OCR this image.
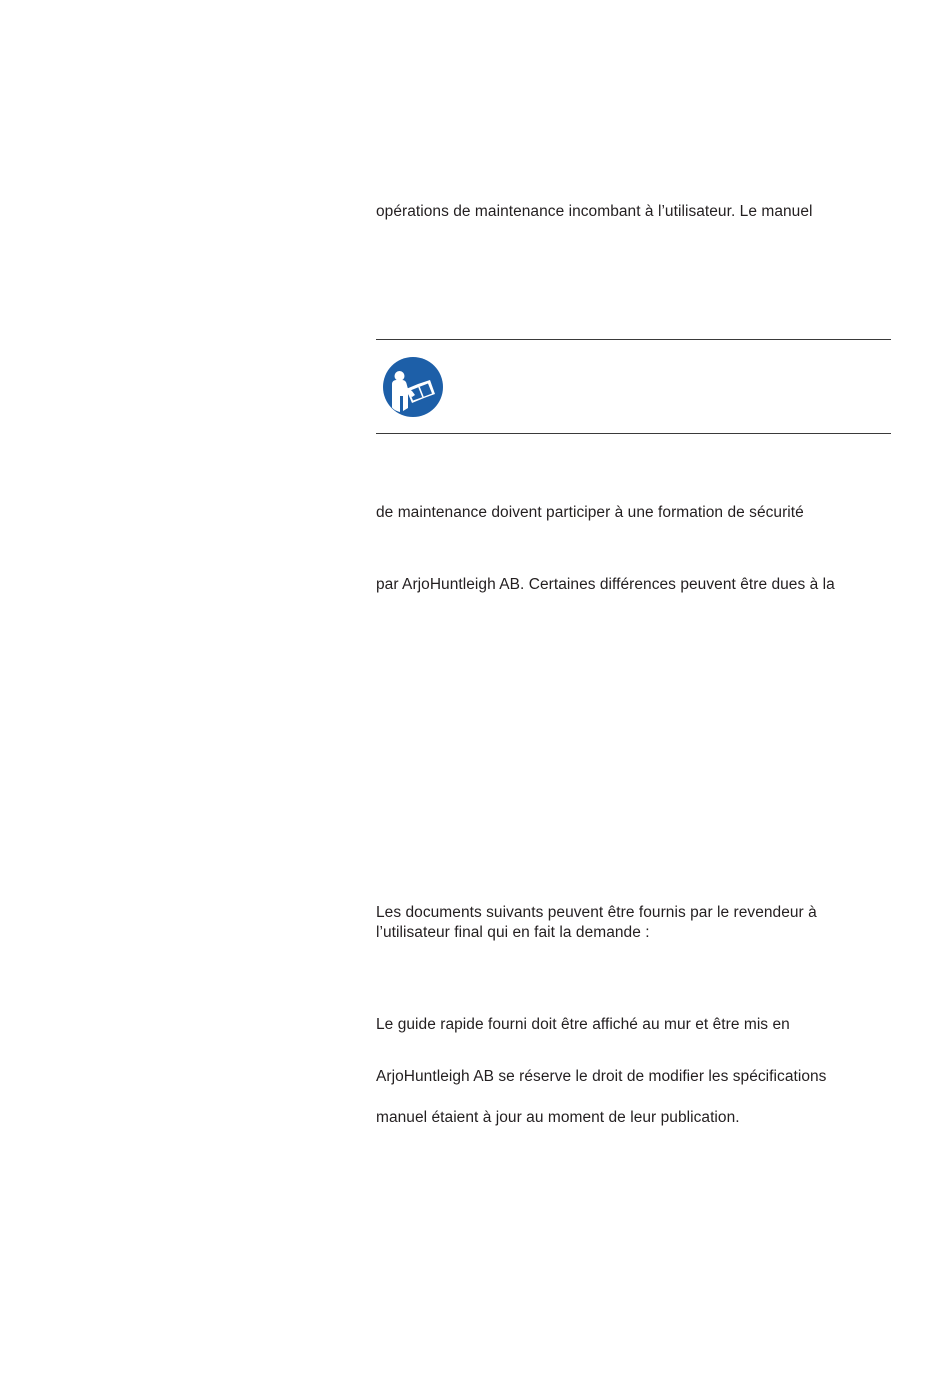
opérations de maintenance incombant à l’utilisateur. Le manuel
de maintenance doivent participer à une formation de sécurité
par ArjoHuntleigh AB. Certaines différences peuvent être dues à la
Les documents suivants peuvent être fournis par le revendeur à
l’utilisateur final qui en fait la demande :
Le guide rapide fourni doit être affiché au mur et être mis en
ArjoHuntleigh AB se réserve le droit de modifier les spécifications
manuel étaient à jour au moment de leur publication.
